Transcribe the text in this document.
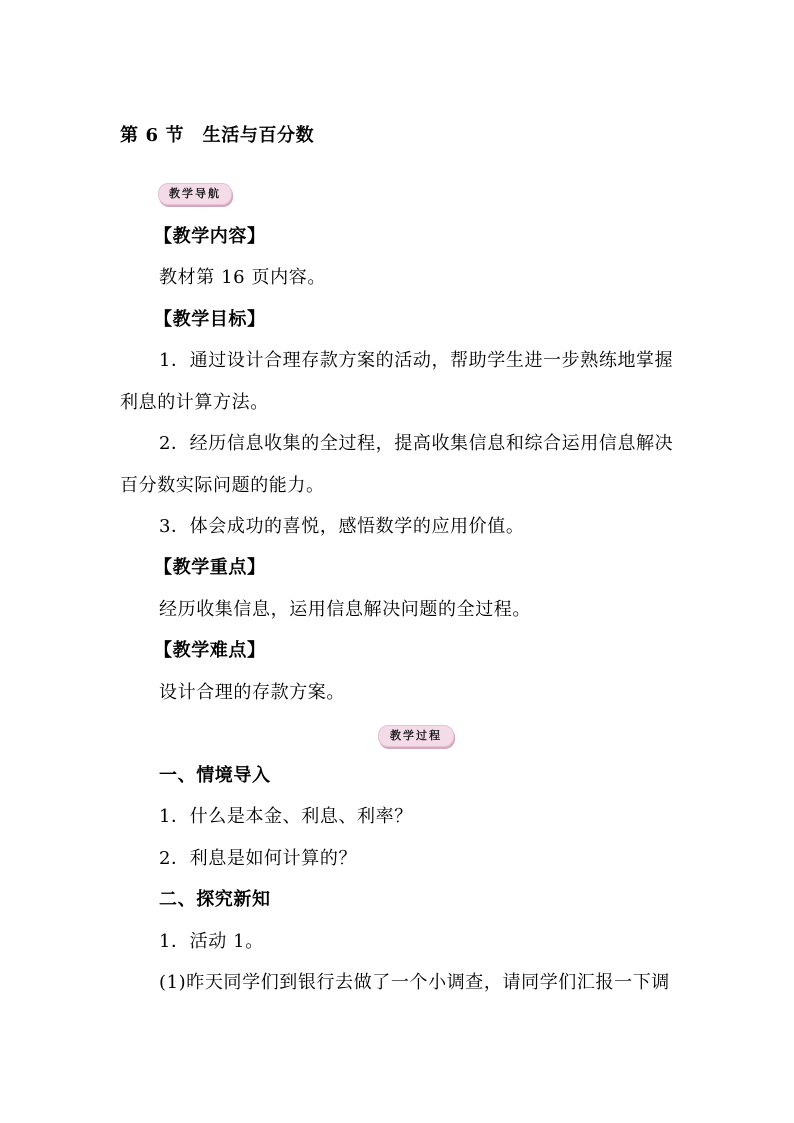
第 6 节　生活与百分数
教学导航
【教学内容】
教材第 16 页内容。
【教学目标】
1．通过设计合理存款方案的活动，帮助学生进一步熟练地掌握
利息的计算方法。
2．经历信息收集的全过程，提高收集信息和综合运用信息解决
百分数实际问题的能力。
3．体会成功的喜悦，感悟数学的应用价值。
【教学重点】
经历收集信息，运用信息解决问题的全过程。
【教学难点】
设计合理的存款方案。
教学过程
一、情境导入
1．什么是本金、利息、利率？
2．利息是如何计算的？
二、探究新知
1．活动 1。
(1)昨天同学们到银行去做了一个小调查，请同学们汇报一下调
